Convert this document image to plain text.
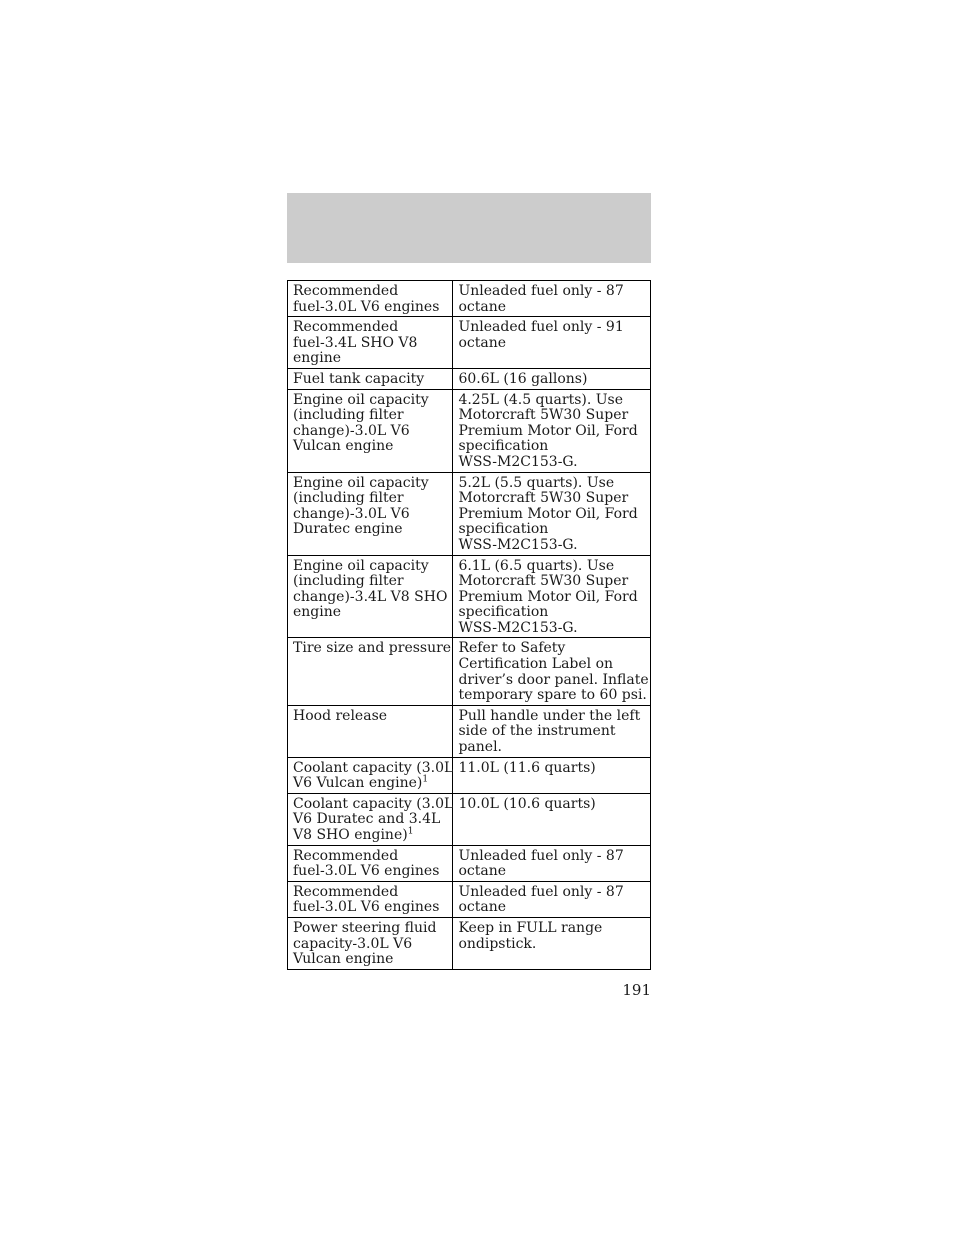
Recommended
fuel-3.0L V6 engines	Unleaded fuel only - 87
octane

Recommended
fuel-3.4L SHO V8
engine	Unleaded fuel only - 91
octane

Fuel tank capacity	60.6L (16 gallons)

Engine oil capacity
(including filter
change)-3.0L V6
Vulcan engine	4.25L (4.5 quarts). Use
Motorcraft 5W30 Super
Premium Motor Oil, Ford
specification
WSS-M2C153-G.

Engine oil capacity
(including filter
change)-3.0L V6
Duratec engine	5.2L (5.5 quarts). Use
Motorcraft 5W30 Super
Premium Motor Oil, Ford
specification
WSS-M2C153-G.

Engine oil capacity
(including filter
change)-3.4L V8 SHO
engine	6.1L (6.5 quarts). Use
Motorcraft 5W30 Super
Premium Motor Oil, Ford
specification
WSS-M2C153-G.

Tire size and pressure	Refer to Safety
Certification Label on
driver’s door panel. Inflate
temporary spare to 60 psi.

Hood release	Pull handle under the left
side of the instrument
panel.

Coolant capacity (3.0L
V6 Vulcan engine)$^1$	11.0L (11.6 quarts)

Coolant capacity (3.0L
V6 Duratec and 3.4L
V8 SHO engine)$^1$	10.0L (10.6 quarts)

Recommended
fuel-3.0L V6 engines	Unleaded fuel only - 87
octane

Recommended
fuel-3.0L V6 engines	Unleaded fuel only - 87
octane

Power steering fluid
capacity-3.0L V6
Vulcan engine	Keep in FULL range
ondipstick.
191
